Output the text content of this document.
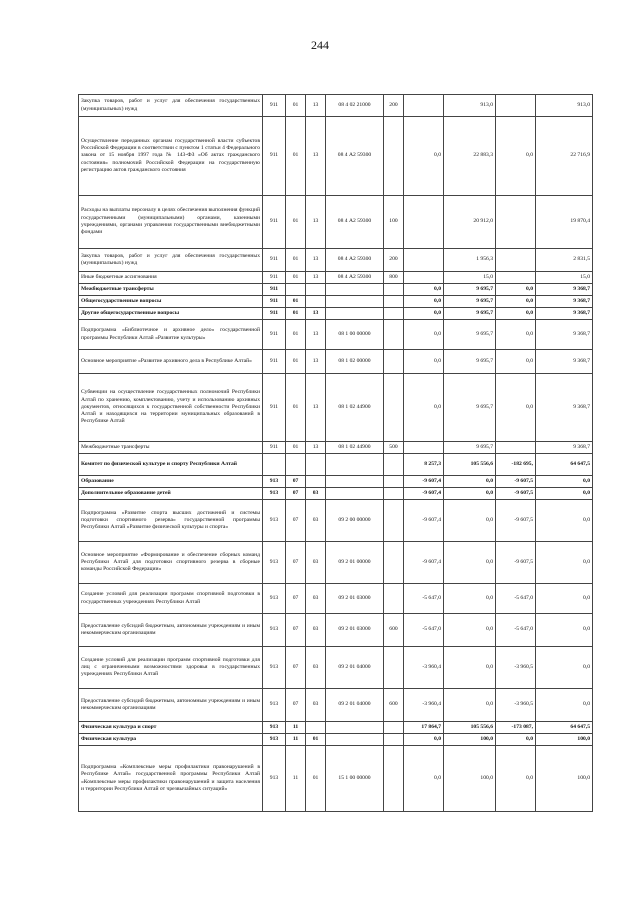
244
Закупка товаров, работ и услуг для обеспечения государственных (муниципальных) нужд	911	01	13	08 4 02 21000	200		913,0		913,0
Осуществление переданных органам государственной власти субъектов Российской Федерации в соответствии с пунктом 1 статьи 4 Федерального закона от 15 ноября 1997 года № 143-ФЗ «Об актах гражданского состояния» полномочий Российской Федерации на государственную регистрацию актов гражданского состояния	911	01	13	08 4 А2 59300		0,0	22 883,3	0,0	22 716,9
Расходы на выплаты персоналу в целях обеспечения выполнения функций государственными (муниципальными) органами, казенными учреждениями, органами управления государственными внебюджетными фондами	911	01	13	08 4 А2 59300	100		20 912,0		19 870,4
Закупка товаров, работ и услуг для обеспечения государственных (муниципальных) нужд	911	01	13	08 4 А2 59300	200		1 956,3		2 831,5
Иные бюджетные ассигнования	911	01	13	08 4 А2 59300	800		15,0		15,0
Межбюджетные трансферты	911					0,0	9 695,7	0,0	9 368,7
Общегосударственные вопросы	911	01				0,0	9 695,7	0,0	9 368,7
Другие общегосударственные вопросы	911	01	13			0,0	9 695,7	0,0	9 368,7
Подпрограмма «Библиотечное и архивное дело» государственной программы Республики Алтай «Развитие культуры»	911	01	13	08 1 00 00000		0,0	9 695,7	0,0	9 368,7
Основное мероприятие «Развитие архивного дела в Республике Алтай»	911	01	13	08 1 02 00000		0,0	9 695,7	0,0	9 368,7
Субвенции на осуществление государственных полномочий Республики Алтай по хранению, комплектованию, учету и использованию архивных документов, относящихся к государственной собственности Республики Алтай и находящихся на территории муниципальных образований в Республике Алтай	911	01	13	08 1 02 44900		0,0	9 695,7	0,0	9 368,7
Межбюджетные трансферты	911	01	13	08 1 02 44900	500		9 695,7		9 368,7
Комитет по физической культуре и спорту Республики Алтай						8 257,3	105 556,6	-182 695,	64 647,5
Образование	913	07				-9 607,4	0,0	-9 607,5	0,0
Дополнительное образование детей	913	07	03			-9 607,4	0,0	-9 607,5	0,0
Подпрограмма «Развитие спорта высших достижений и системы подготовки спортивного резерва» государственной программы Республики Алтай «Развитие физической культуры и спорта»	913	07	03	09 2 00 00000		-9 607,4	0,0	-9 607,5	0,0
Основное мероприятие «Формирование и обеспечение сборных команд Республики Алтай для подготовки спортивного резерва в сборные команды Российской Федерации»	913	07	03	09 2 01 00000		-9 607,4	0,0	-9 607,5	0,0
Создание условий для реализации программ спортивной подготовки в государственных учреждениях Республики Алтай	913	07	03	09 2 01 03000		-5 647,0	0,0	-5 647,0	0,0
Предоставление субсидий бюджетным, автономным учреждениям и иным некоммерческим организациям	913	07	03	09 2 01 03000	600	-5 647,0	0,0	-5 647,0	0,0
Создание условий для реализации программ спортивной подготовки для лиц с ограниченными возможностями здоровья в государственных учреждениях Республики Алтай	913	07	03	09 2 01 04000		-3 960,4	0,0	-3 960,5	0,0
Предоставление субсидий бюджетным, автономным учреждениям и иным некоммерческим организациям	913	07	03	09 2 01 04000	600	-3 960,4	0,0	-3 960,5	0,0
Физическая культура и спорт	913	11				17 864,7	105 556,6	-173 087,	64 647,5
Физическая культура	913	11	01			0,0	100,0	0,0	100,0
Подпрограмма «Комплексные меры профилактики правонарушений в Республике Алтай» государственной программы Республики Алтай «Комплексные меры профилактики правонарушений и защита населения и территории Республики Алтай от чрезвычайных ситуаций»	913	11	01	15 1 00 00000		0,0	100,0	0,0	100,0
